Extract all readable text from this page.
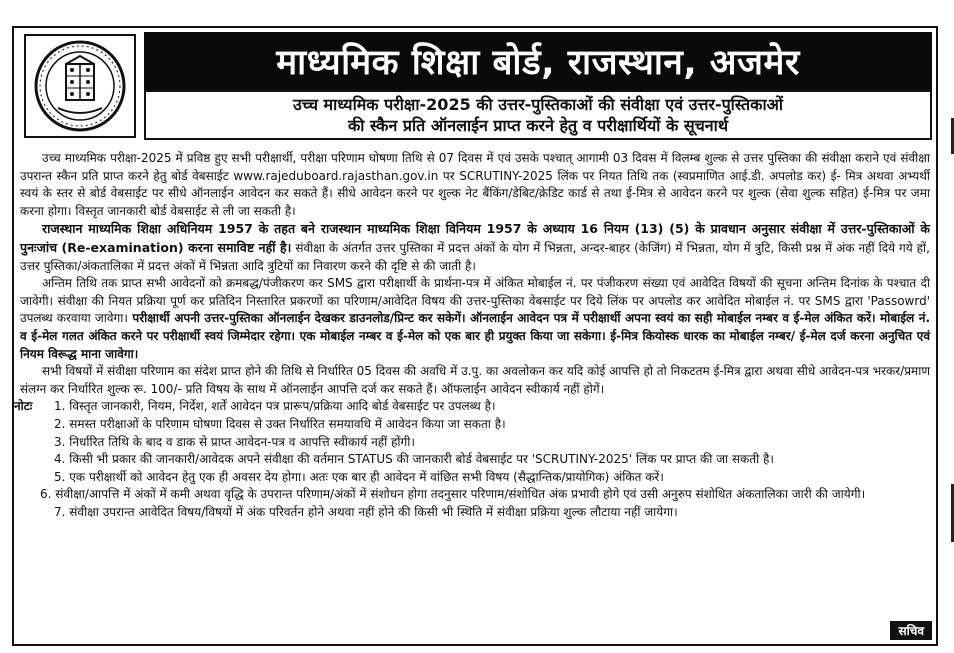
माध्यमिक शिक्षा बोर्ड, राजस्थान, अजमेर
उच्च माध्यमिक परीक्षा-2025 की उत्तर-पुस्तिकाओं की संवीक्षा एवं उत्तर-पुस्तिकाओं
की स्कैन प्रति ऑनलाईन प्राप्त करने हेतु व परीक्षार्थियों के सूचनार्थ

उच्च माध्यमिक परीक्षा-2025 में प्रविष्ठ हुए सभी परीक्षार्थी, परीक्षा परिणाम घोषणा तिथि से 07 दिवस में एवं उसके पश्चात् आगामी 03 दिवस में विलम्ब शुल्क से उत्तर पुस्तिका की संवीक्षा कराने एवं संवीक्षा उपरान्त स्कैन प्रति प्राप्त करने हेतु बोर्ड वेबसाईट www.rajeduboard.rajasthan.gov.in पर SCRUTINY-2025 लिंक पर नियत तिथि तक (स्वप्रमाणित आई.डी. अपलोड कर) ई- मित्र अथवा अभ्यर्थी स्वयं के स्तर से बोर्ड वेबसाईट पर सीधे ऑनलाईन आवेदन कर सकते हैं। सीधे आवेदन करने पर शुल्क नेट बैंकिंग/डेबिट/क्रेडिट कार्ड से तथा ई-मित्र से आवेदन करने पर शुल्क (सेवा शुल्क सहित) ई-मित्र पर जमा करना होगा। विस्तृत जानकारी बोर्ड वेबसाईट से ली जा सकती है।

राजस्थान माध्यमिक शिक्षा अधिनियम 1957 के तहत बने राजस्थान माध्यमिक शिक्षा विनियम 1957 के अध्याय 16 नियम (13) (5) के प्रावधान अनुसार संवीक्षा में उत्तर-पुस्तिकाओं के पुनःजांच (Re-examination) करना समाविष्ट नहीं है। संवीक्षा के अंतर्गत उत्तर पुस्तिका में प्रदत्त अंकों के योग में भिन्नता, अन्दर-बाहर (केजिंग) में भिन्नता, योग में त्रुटि, किसी प्रश्न में अंक नहीं दिये गये हों, उत्तर पुस्तिका/अंकतालिका में प्रदत्त अंकों में भिन्नता आदि त्रुटियों का निवारण करने की दृष्टि से की जाती है।

अन्तिम तिथि तक प्राप्त सभी आवेदनों को क्रमबद्ध/पंजीकरण कर SMS द्वारा परीक्षार्थी के प्रार्थना-पत्र में अंकित मोबाईल नं. पर पंजीकरण संख्या एवं आवेदित विषयों की सूचना अन्तिम दिनांक के पश्चात दी जावेगी। संवीक्षा की नियत प्रक्रिया पूर्ण कर प्रतिदिन निस्तारित प्रकरणों का परिणाम/आवेदित विषय की उत्तर-पुस्तिका वेबसाईट पर दिये लिंक पर अपलोड कर आवेदित मोबाईल नं. पर SMS द्वारा 'Passowrd' उपलब्ध करवाया जावेगा। परीक्षार्थी अपनी उत्तर-पुस्तिका ऑनलाईन देखकर डाउनलोड/प्रिन्ट कर सकेगें। ऑनलाईन आवेदन पत्र में परीक्षार्थी अपना स्वयं का सही मोबाईल नम्बर व ई-मेल अंकित करें। मोबाईल नं. व ई-मेल गलत अंकित करने पर परीक्षार्थी स्वयं जिम्मेदार रहेगा। एक मोबाईल नम्बर व ई-मेल को एक बार ही प्रयुक्त किया जा सकेगा। ई-मित्र कियोस्क धारक का मोबाईल नम्बर/ ई-मेल दर्ज करना अनुचित एवं नियम विरूद्ध माना जावेगा।

सभी विषयों में संवीक्षा परिणाम का संदेश प्राप्त होने की तिथि से निर्धारित 05 दिवस की अवधि में उ.पु. का अवलोकन कर यदि कोई आपत्ति हो तो निकटतम ई-मित्र द्वारा अथवा सीधे आवेदन-पत्र भरकर/प्रमाण संलग्न कर निर्धारित शुल्क रू. 100/- प्रति विषय के साथ में ऑनलाईन आपत्ति दर्ज कर सकते हैं। ऑफलाईन आवेदन स्वीकार्य नहीं होगें।

नोटः 1. विस्तृत जानकारी, नियम, निर्देश, शर्तें आवेदन पत्र प्रारूप/प्रक्रिया आदि बोर्ड वेबसाईट पर उपलब्ध है।
2. समस्त परीक्षाओं के परिणाम घोषणा दिवस से उक्त निर्धारित समयावधि में आवेदन किया जा सकता है।
3. निर्धारित तिथि के बाद व डाक से प्राप्त आवेदन-पत्र व आपत्ति स्वीकार्य नहीं होंगी।
4. किसी भी प्रकार की जानकारी/आवेदक अपने संवीक्षा की वर्तमान STATUS की जानकारी बोर्ड वेबसाईट पर 'SCRUTINY-2025' लिंक पर प्राप्त की जा सकती है।
5. एक परीक्षार्थी को आवेदन हेतु एक ही अवसर देय होगा। अतः एक बार ही आवेदन में वांछित सभी विषय (सैद्धान्तिक/प्रायोगिक) अंकित करें।
6. संवीक्षा/आपत्ति में अंकों में कमी अथवा वृद्धि के उपरान्त परिणाम/अंकों में संशोधन होगा तदनुसार परिणाम/संशोधित अंक प्रभावी होगे एवं उसी अनुरुप संशोधित अंकतालिका जारी की जायेगी।
7. संवीक्षा उपरान्त आवेदित विषय/विषयों में अंक परिवर्तन होने अथवा नहीं होने की किसी भी स्थिति में संवीक्षा प्रक्रिया शुल्क लौटाया नहीं जायेगा।
सचिव
